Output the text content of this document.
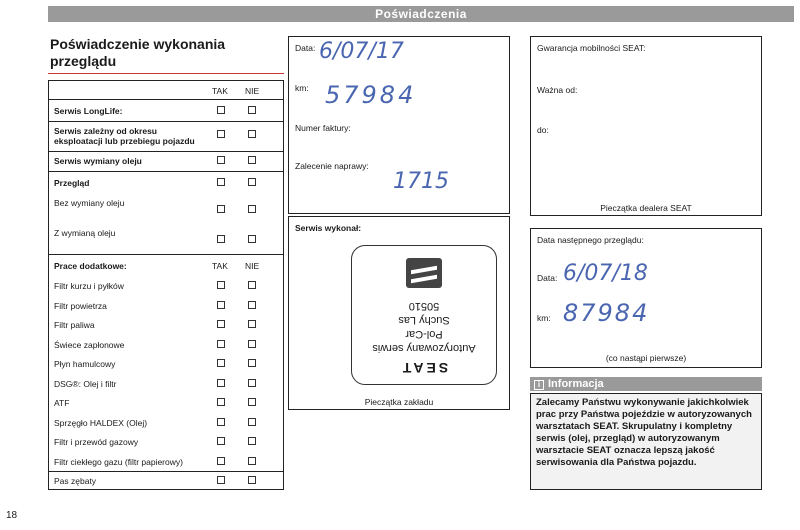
Poświadczenia
Poświadczenie wykonania przeglądu
TAK NIE
Serwis LongLife:
Serwis zależny od okresu eksploatacji lub przebiegu pojazdu
Serwis wymiany oleju
Przegląd
Bez wymiany oleju
Z wymianą oleju
Prace dodatkowe:	TAK NIE
Filtr kurzu i pyłków
Filtr powietrza
Filtr paliwa
Świece zapłonowe
Płyn hamulcowy
DSG®: Olej i filtr
ATF
Sprzęgło HALDEX (Olej)
Filtr i przewód gazowy
Filtr ciekłego gazu (filtr papierowy)
Pas zębaty
Data: 6/07/17
km: 57984
Numer faktury:
Zalecenie naprawy:
1715
Serwis wykonał:
SEAT
Autoryzowany serwis
Pol-Car
Suchy Las
50510
Pieczątka zakładu
Gwarancja mobilności SEAT:
Ważna od:
do:
Pieczątka dealera SEAT
Data następnego przeglądu:
Data: 6/07/18
km: 87984
(co nastąpi pierwsze)
i Informacja
Zalecamy Państwu wykonywanie jakichkolwiek prac przy Państwa pojeździe w autoryzowanych warsztatach SEAT. Skrupulatny i kompletny serwis (olej, przegląd) w autoryzowanym warsztacie SEAT oznacza lepszą jakość serwisowania dla Państwa pojazdu.
18
